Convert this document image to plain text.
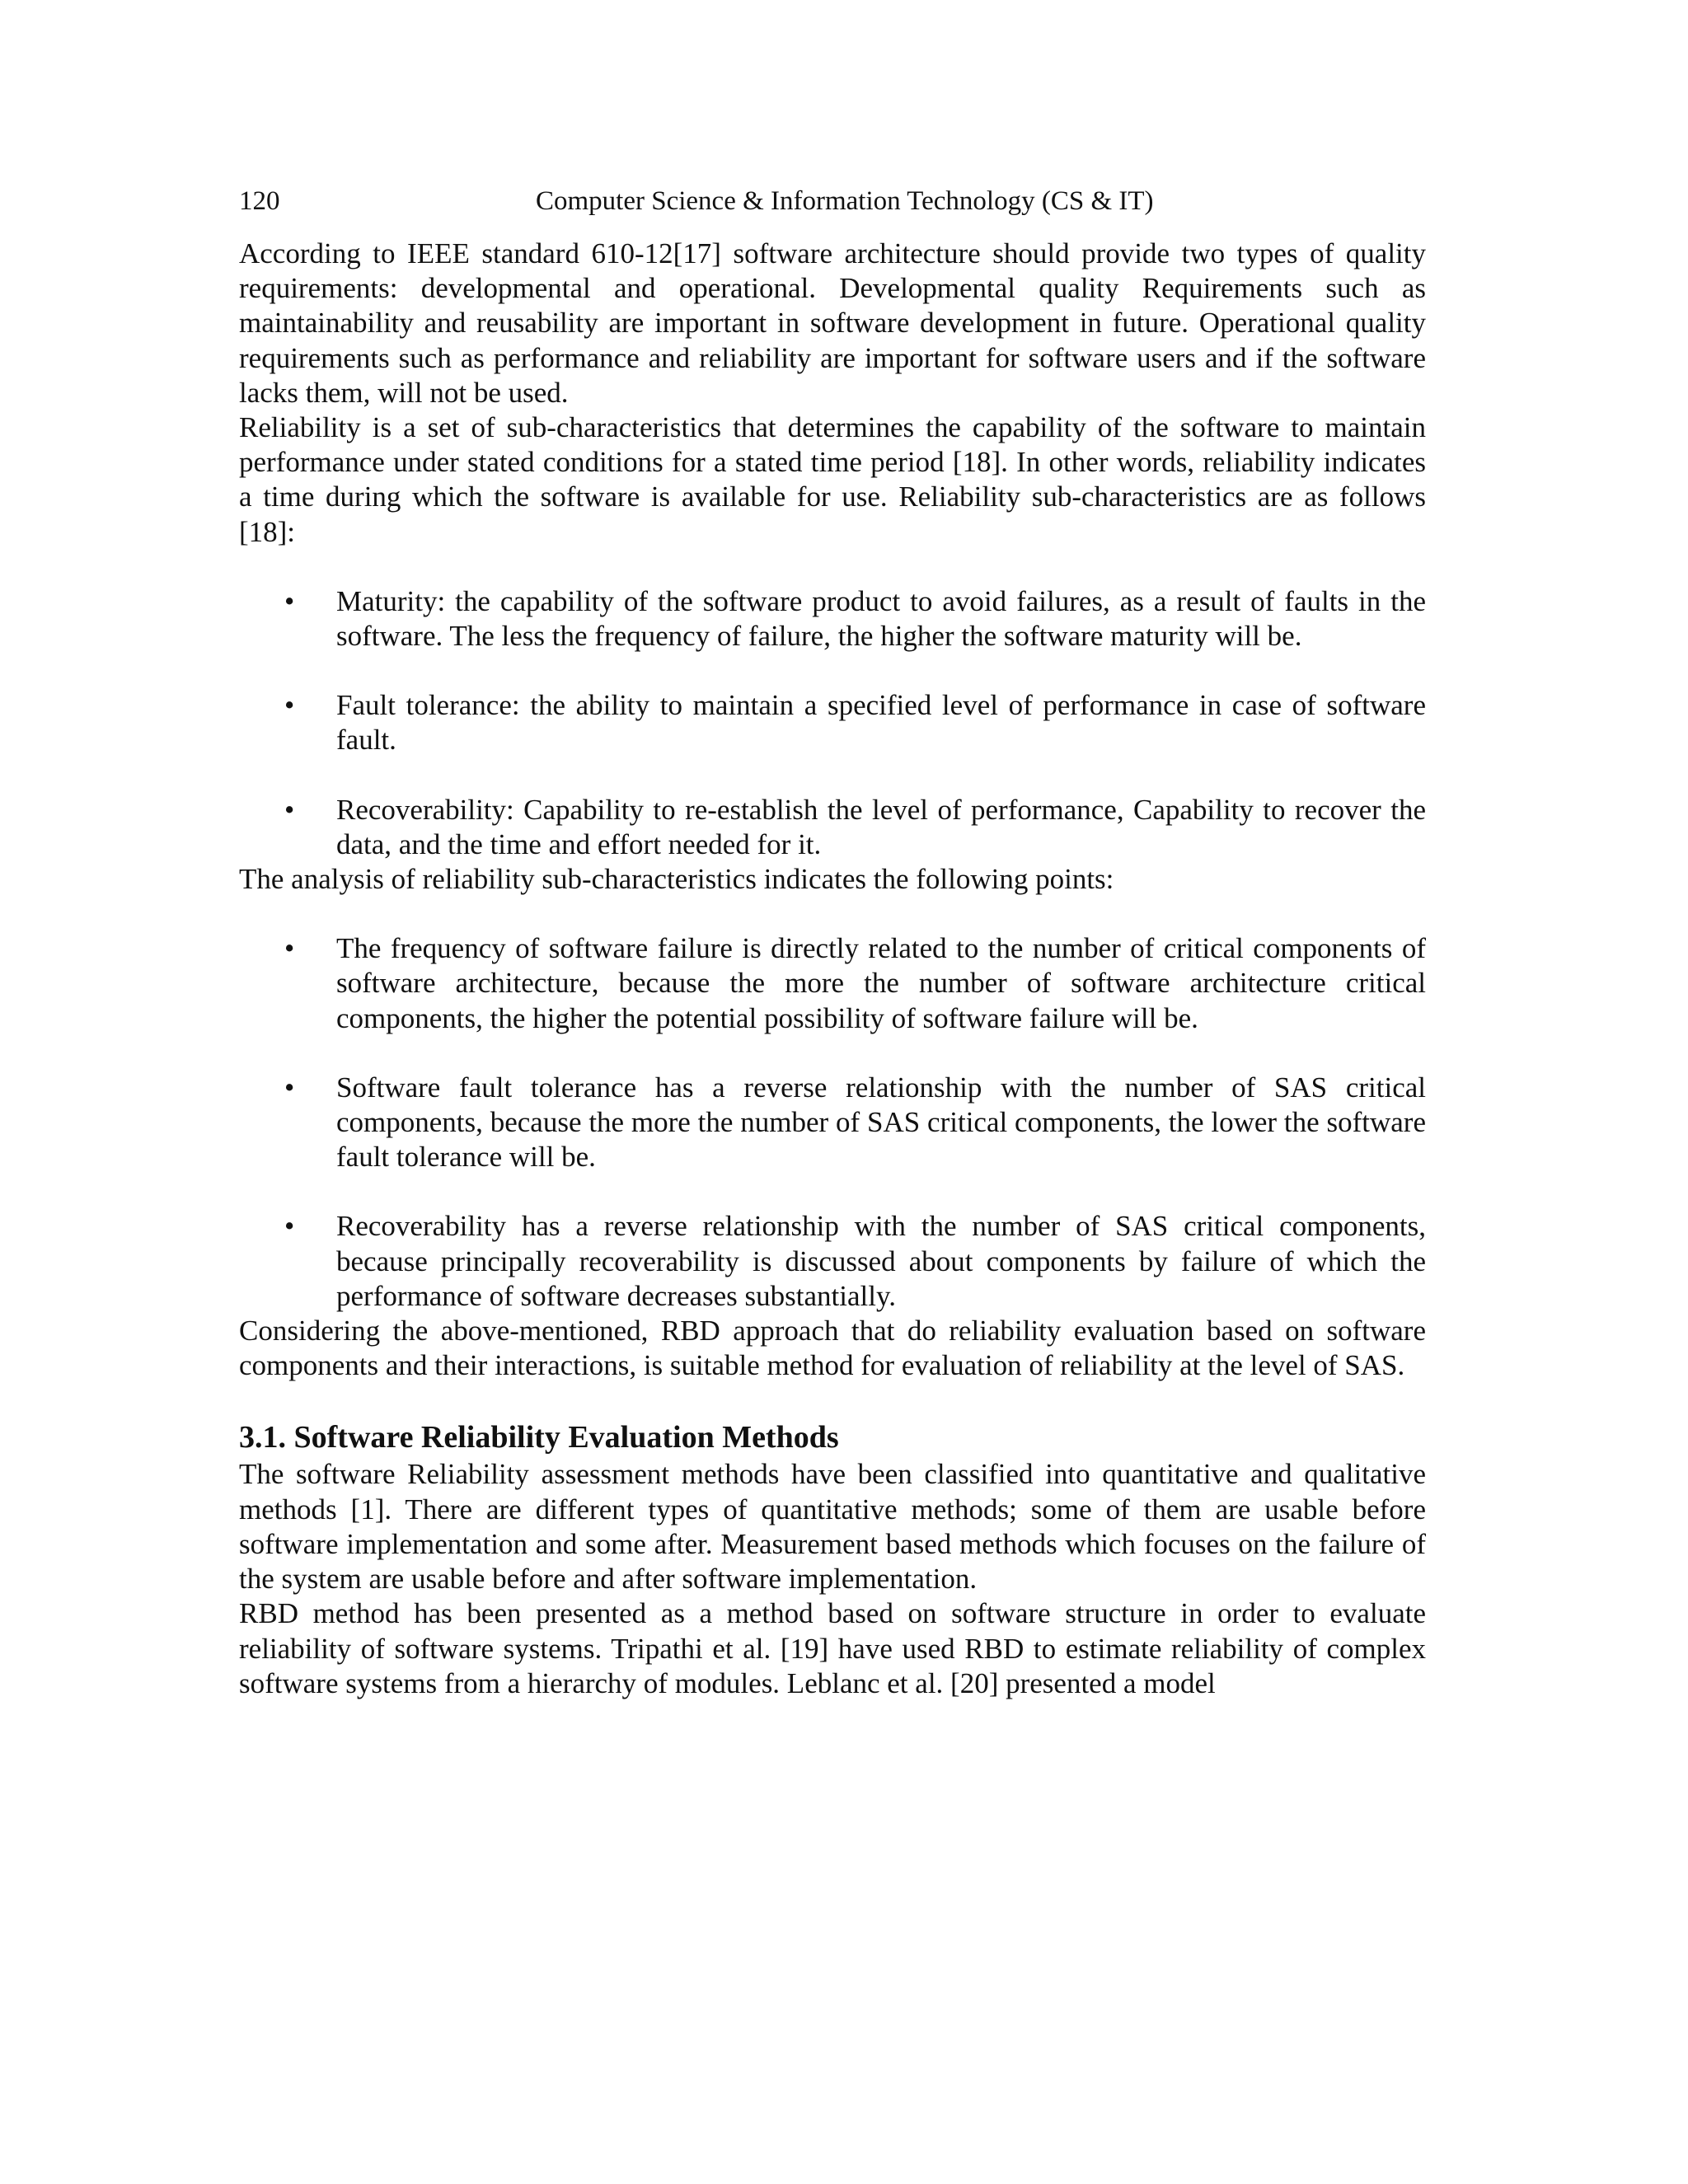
120	Computer Science & Information Technology (CS & IT)

According to IEEE standard 610-12[17] software architecture should provide two types of quality requirements: developmental and operational. Developmental quality Requirements such as maintainability and reusability are important in software development in future. Operational quality requirements such as performance and reliability are important for software users and if the software lacks them, will not be used.

Reliability is a set of sub-characteristics that determines the capability of the software to maintain performance under stated conditions for a stated time period [18]. In other words, reliability indicates a time during which the software is available for use. Reliability sub-characteristics are as follows [18]:

• Maturity: the capability of the software product to avoid failures, as a result of faults in the software. The less the frequency of failure, the higher the software maturity will be.
• Fault tolerance: the ability to maintain a specified level of performance in case of software fault.
• Recoverability: Capability to re-establish the level of performance, Capability to recover the data, and the time and effort needed for it.

The analysis of reliability sub-characteristics indicates the following points:

• The frequency of software failure is directly related to the number of critical components of software architecture, because the more the number of software architecture critical components, the higher the potential possibility of software failure will be.
• Software fault tolerance has a reverse relationship with the number of SAS critical components, because the more the number of SAS critical components, the lower the software fault tolerance will be.
• Recoverability has a reverse relationship with the number of SAS critical components, because principally recoverability is discussed about components by failure of which the performance of software decreases substantially.

Considering the above-mentioned, RBD approach that do reliability evaluation based on software components and their interactions, is suitable method for evaluation of reliability at the level of SAS.

3.1. Software Reliability Evaluation Methods

The software Reliability assessment methods have been classified into quantitative and qualitative methods [1]. There are different types of quantitative methods; some of them are usable before software implementation and some after. Measurement based methods which focuses on the failure of the system are usable before and after software implementation.

RBD method has been presented as a method based on software structure in order to evaluate reliability of software systems. Tripathi et al. [19] have used RBD to estimate reliability of complex software systems from a hierarchy of modules. Leblanc et al. [20] presented a model
